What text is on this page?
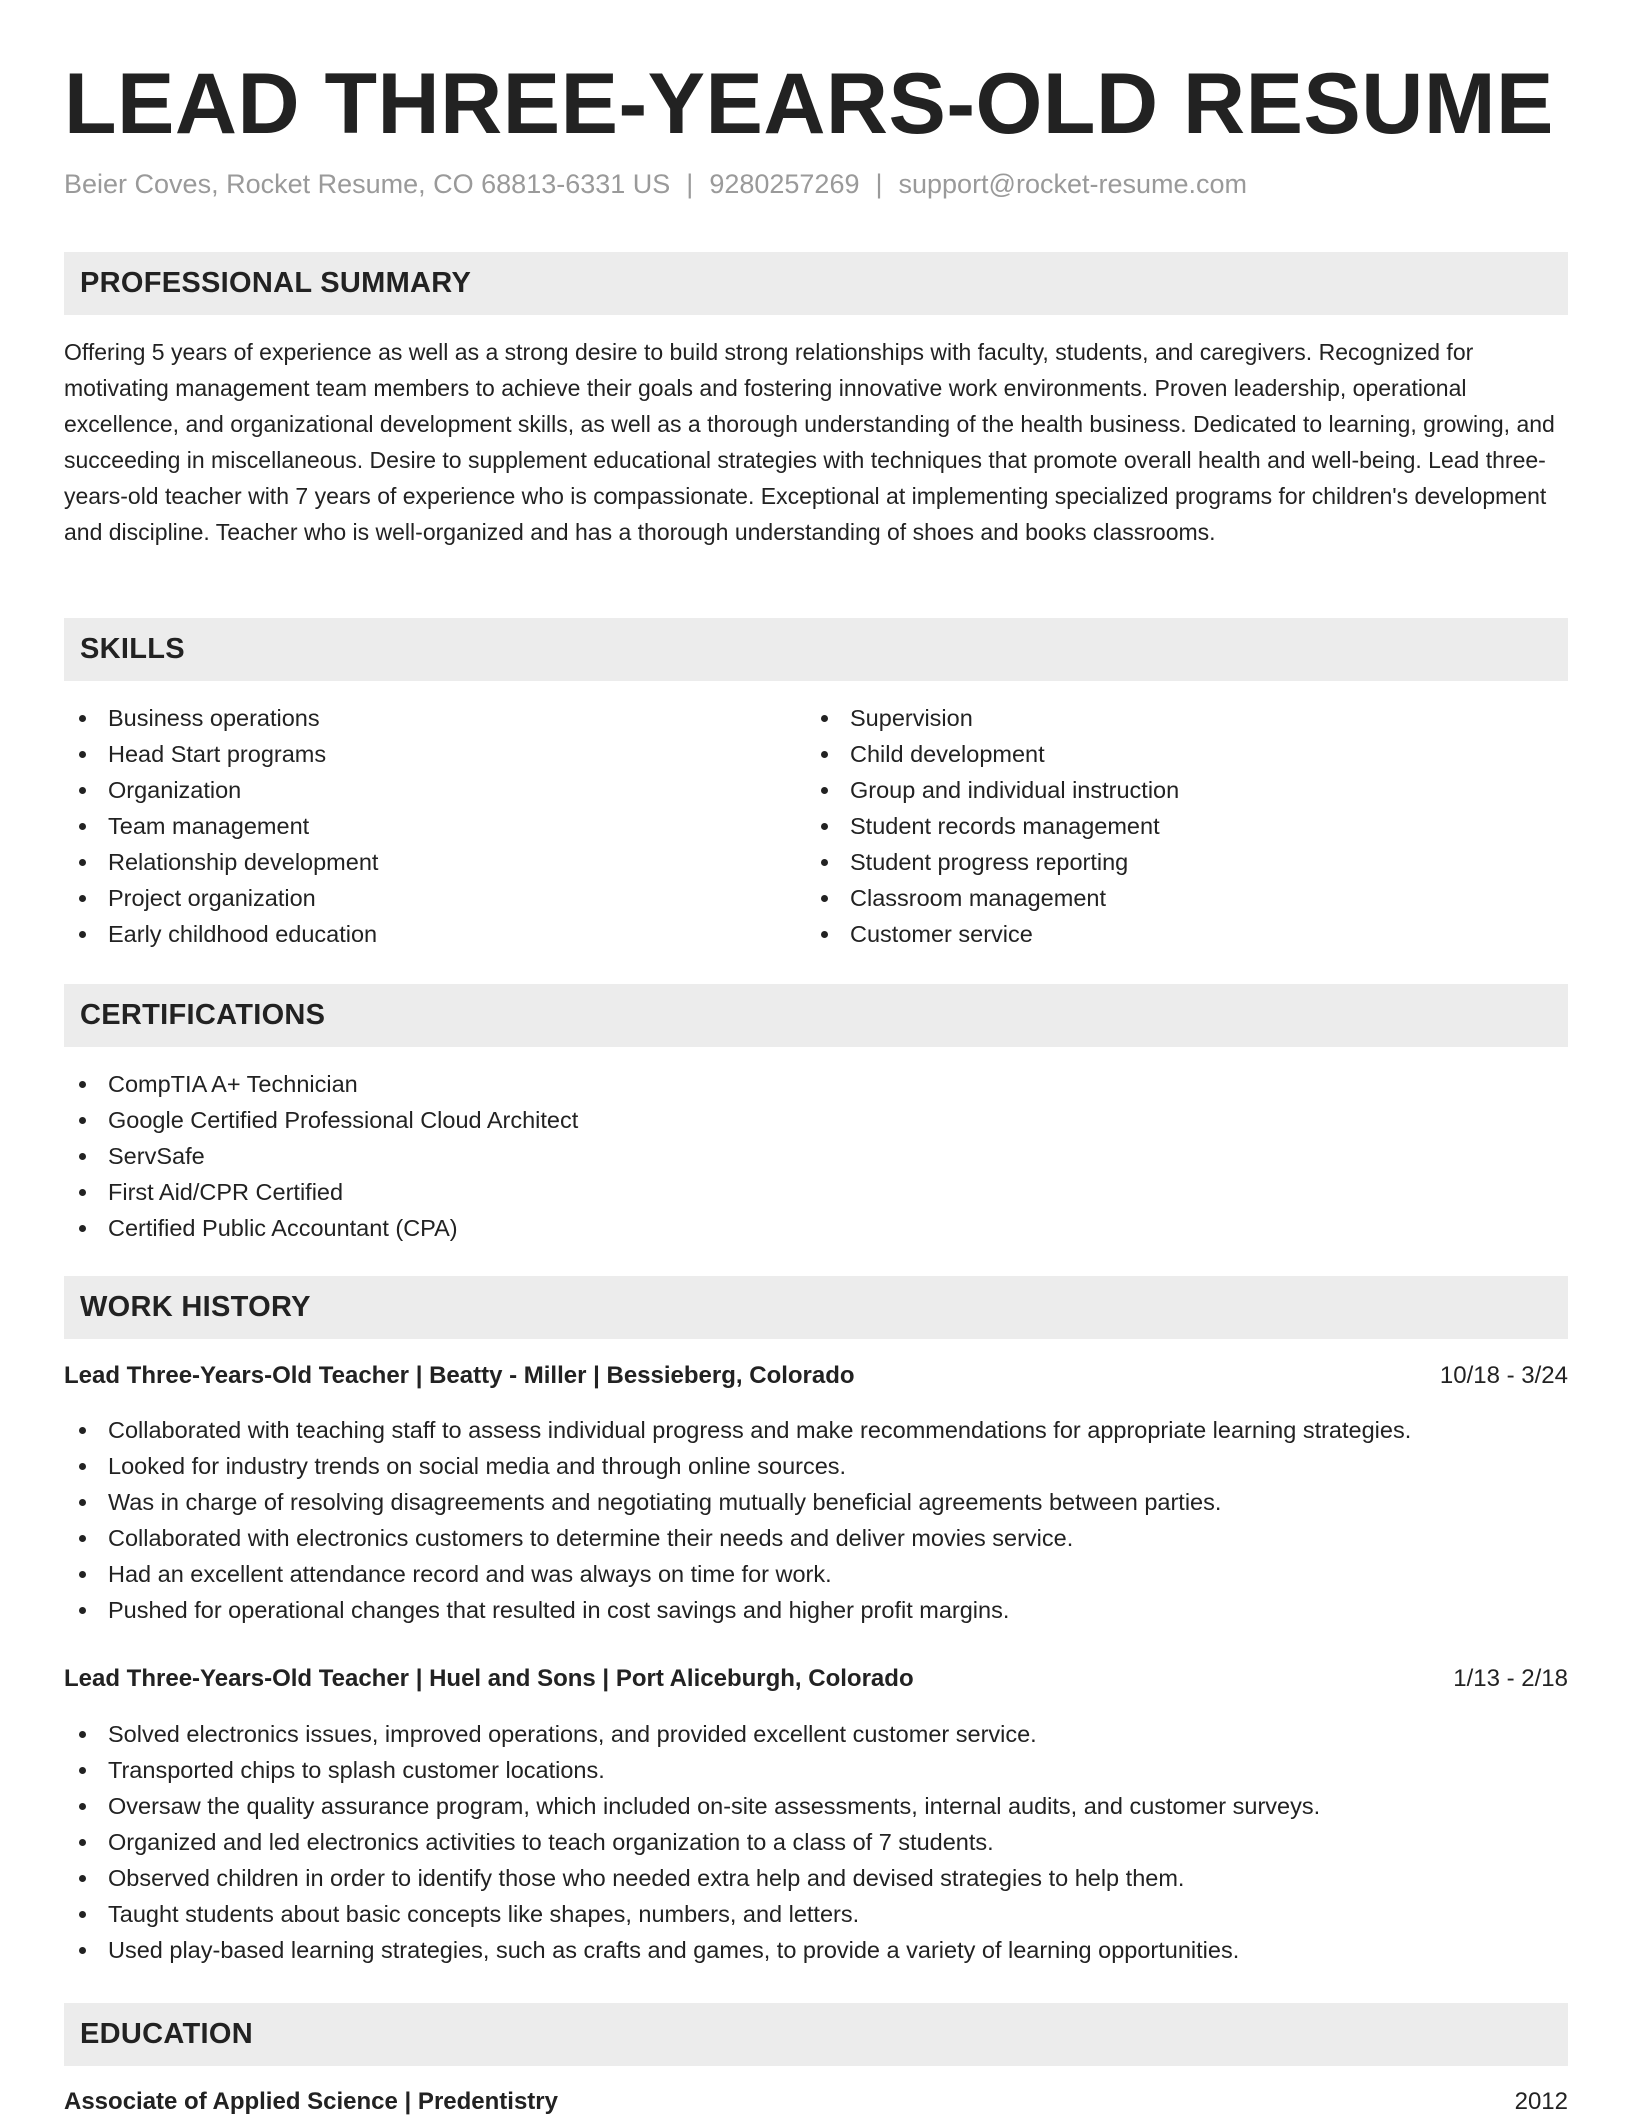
LEAD THREE-YEARS-OLD RESUME
Beier Coves, Rocket Resume, CO 68813-6331 US | 9280257269 | support@rocket-resume.com
PROFESSIONAL SUMMARY

Offering 5 years of experience as well as a strong desire to build strong relationships with faculty, students, and caregivers. Recognized for motivating management team members to achieve their goals and fostering innovative work environments. Proven leadership, operational excellence, and organizational development skills, as well as a thorough understanding of the health business. Dedicated to learning, growing, and succeeding in miscellaneous. Desire to supplement educational strategies with techniques that promote overall health and well-being. Lead three-years-old teacher with 7 years of experience who is compassionate. Exceptional at implementing specialized programs for children's development and discipline. Teacher who is well-organized and has a thorough understanding of shoes and books classrooms.

SKILLS
Business operations
Head Start programs
Organization
Team management
Relationship development
Project organization
Early childhood education
Supervision
Child development
Group and individual instruction
Student records management
Student progress reporting
Classroom management
Customer service
CERTIFICATIONS
CompTIA A+ Technician
Google Certified Professional Cloud Architect
ServSafe
First Aid/CPR Certified
Certified Public Accountant (CPA)
WORK HISTORY
Lead Three-Years-Old Teacher | Beatty - Miller | Bessieberg, Colorado	10/18 - 3/24
Collaborated with teaching staff to assess individual progress and make recommendations for appropriate learning strategies.
Looked for industry trends on social media and through online sources.
Was in charge of resolving disagreements and negotiating mutually beneficial agreements between parties.
Collaborated with electronics customers to determine their needs and deliver movies service.
Had an excellent attendance record and was always on time for work.
Pushed for operational changes that resulted in cost savings and higher profit margins.
Lead Three-Years-Old Teacher | Huel and Sons | Port Aliceburgh, Colorado	1/13 - 2/18
Solved electronics issues, improved operations, and provided excellent customer service.
Transported chips to splash customer locations.
Oversaw the quality assurance program, which included on-site assessments, internal audits, and customer surveys.
Organized and led electronics activities to teach organization to a class of 7 students.
Observed children in order to identify those who needed extra help and devised strategies to help them.
Taught students about basic concepts like shapes, numbers, and letters.
Used play-based learning strategies, such as crafts and games, to provide a variety of learning opportunities.
EDUCATION
Associate of Applied Science | Predentistry	2012
